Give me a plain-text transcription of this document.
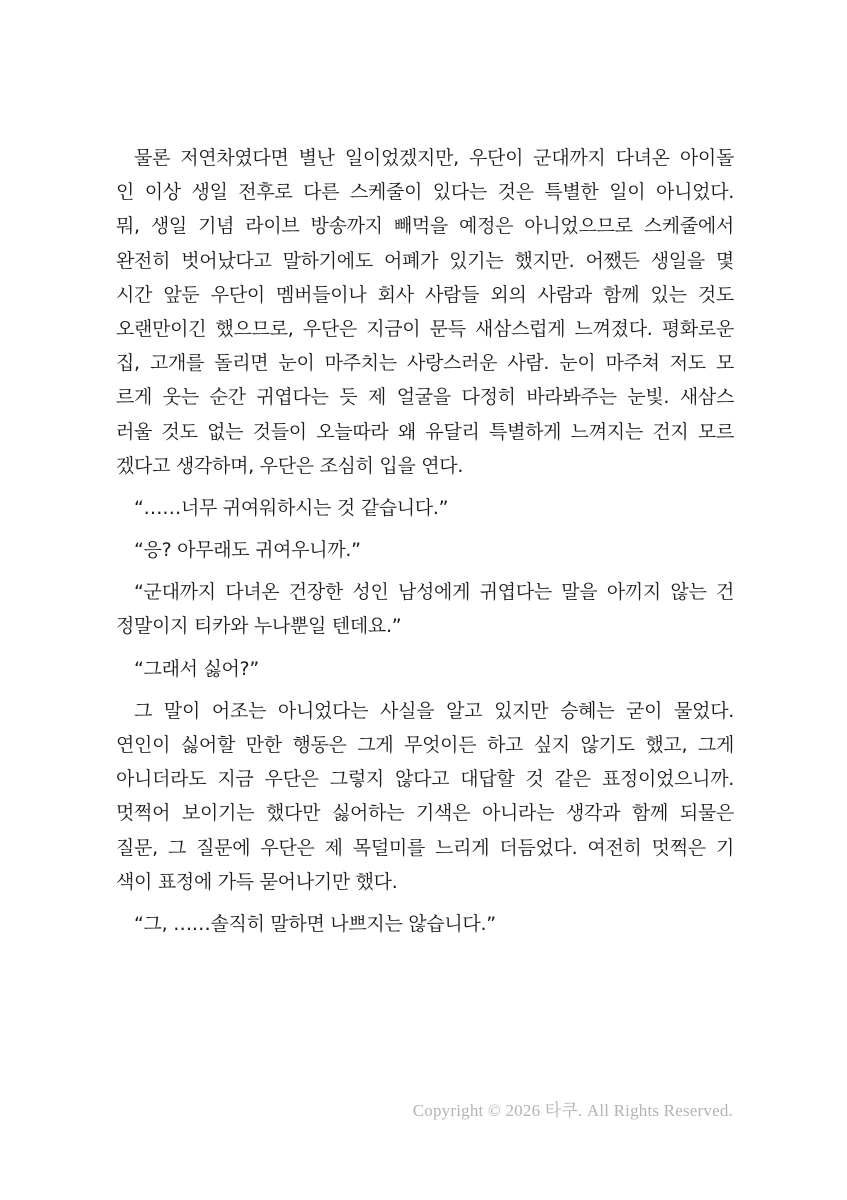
물론 저연차였다면 별난 일이었겠지만, 우단이 군대까지 다녀온 아이돌
인 이상 생일 전후로 다른 스케줄이 있다는 것은 특별한 일이 아니었다.
뭐, 생일 기념 라이브 방송까지 빼먹을 예정은 아니었으므로 스케줄에서
완전히 벗어났다고 말하기에도 어폐가 있기는 했지만. 어쨌든 생일을 몇
시간 앞둔 우단이 멤버들이나 회사 사람들 외의 사람과 함께 있는 것도
오랜만이긴 했으므로, 우단은 지금이 문득 새삼스럽게 느껴졌다. 평화로운
집, 고개를 돌리면 눈이 마주치는 사랑스러운 사람. 눈이 마주쳐 저도 모
르게 웃는 순간 귀엽다는 듯 제 얼굴을 다정히 바라봐주는 눈빛. 새삼스
러울 것도 없는 것들이 오늘따라 왜 유달리 특별하게 느껴지는 건지 모르
겠다고 생각하며, 우단은 조심히 입을 연다.
“……너무 귀여워하시는 것 같습니다.”
“응? 아무래도 귀여우니까.”
“군대까지 다녀온 건장한 성인 남성에게 귀엽다는 말을 아끼지 않는 건
정말이지 티카와 누나뿐일 텐데요.”
“그래서 싫어?”
그 말이 어조는 아니었다는 사실을 알고 있지만 승혜는 굳이 물었다.
연인이 싫어할 만한 행동은 그게 무엇이든 하고 싶지 않기도 했고, 그게
아니더라도 지금 우단은 그렇지 않다고 대답할 것 같은 표정이었으니까.
멋쩍어 보이기는 했다만 싫어하는 기색은 아니라는 생각과 함께 되물은
질문, 그 질문에 우단은 제 목덜미를 느리게 더듬었다. 여전히 멋쩍은 기
색이 표정에 가득 묻어나기만 했다.
“그, ……솔직히 말하면 나쁘지는 않습니다.”
Copyright © 2026 타쿠. All Rights Reserved.
